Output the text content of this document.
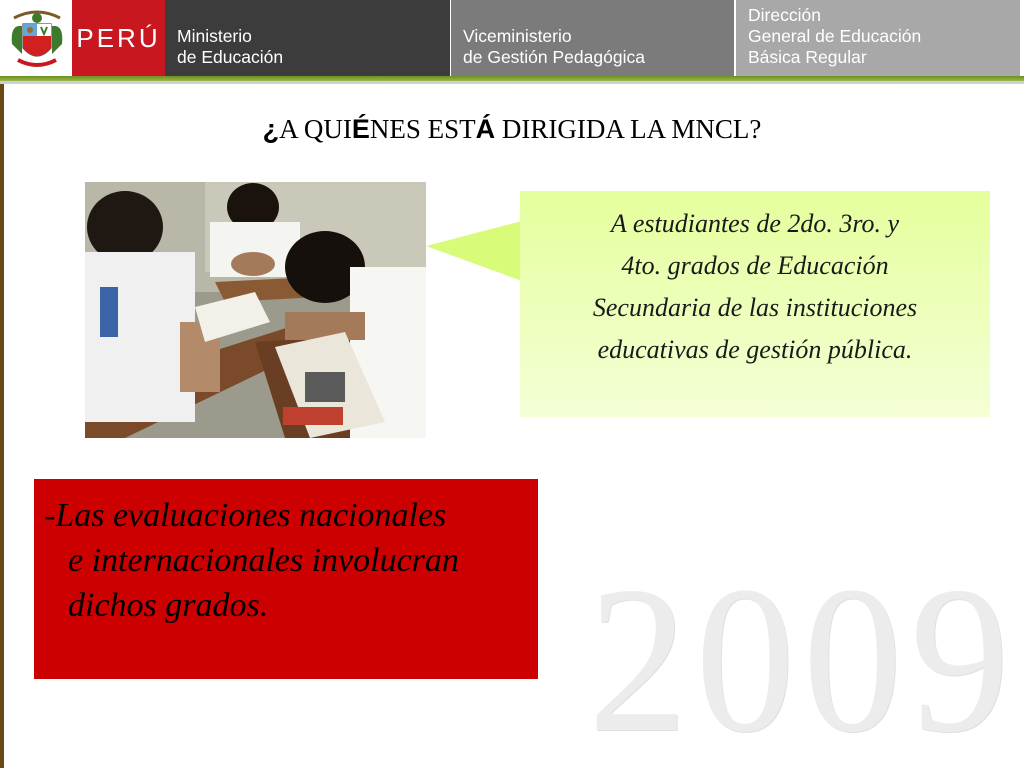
PERÚ Ministerio
de Educación
Viceministerio
de Gestión Pedagógica
Dirección
General de Educación
Básica Regular
¿A QUIÉNES ESTÁ DIRIGIDA LA MNCL?
A estudiantes de 2do. 3ro. y
4to. grados de Educación
Secundaria de las instituciones
educativas de gestión pública.
-Las evaluaciones nacionales
e internacionales involucran
dichos grados.	2009
